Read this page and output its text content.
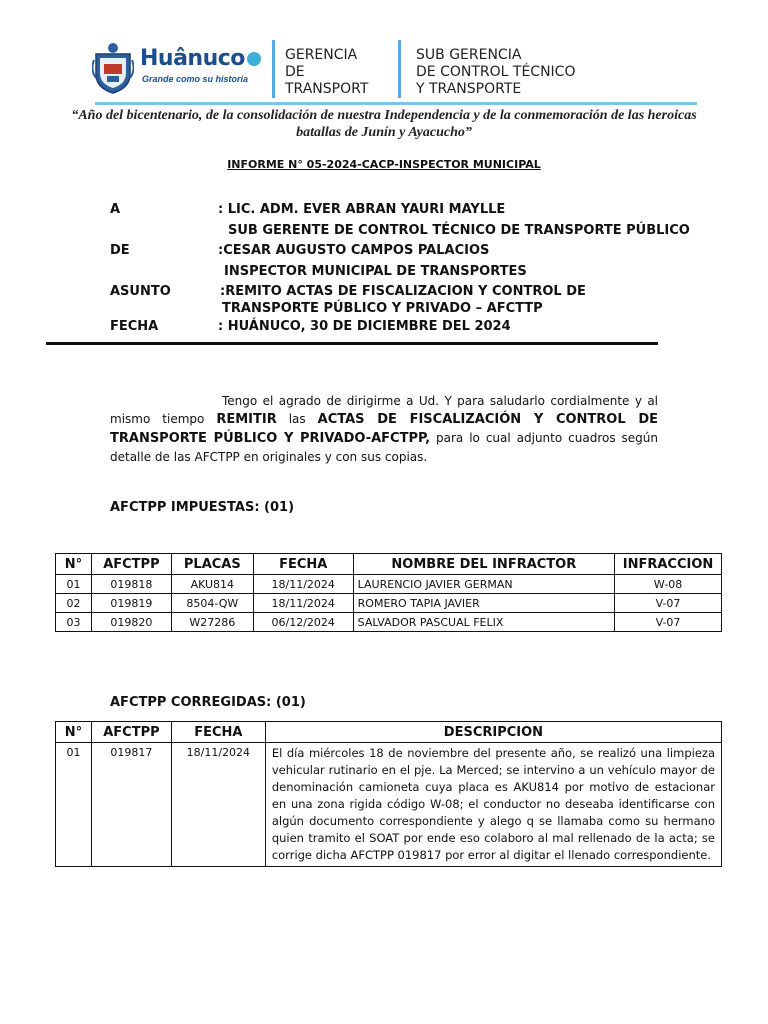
Huânuco
Grande como su historia
GERENCIA
DE
TRANSPORT
SUB GERENCIA
DE CONTROL TÉCNICO
Y TRANSPORTE
“Año del bicentenario, de la consolidación de nuestra Independencia y de la conmemoración de las heroicas batallas de Junín y Ayacucho”
INFORME N° 05-2024-CACP-INSPECTOR MUNICIPAL
A	: LIC. ADM. EVER ABRAN YAURI MAYLLE
SUB GERENTE DE CONTROL TÉCNICO DE TRANSPORTE PÚBLICO
DE	:CESAR AUGUSTO CAMPOS PALACIOS
INSPECTOR MUNICIPAL DE TRANSPORTES
ASUNTO	:REMITO ACTAS DE FISCALIZACION Y CONTROL DE
TRANSPORTE PÚBLICO Y PRIVADO – AFCTTP
FECHA	: HUÁNUCO, 30 DE DICIEMBRE DEL 2024
Tengo el agrado de dirigirme a Ud. Y para saludarlo cordialmente y al mismo tiempo REMITIR las ACTAS DE FISCALIZACIÓN Y CONTROL DE TRANSPORTE PÚBLICO Y PRIVADO-AFCTPP, para lo cual adjunto cuadros según detalle de las AFCTPP en originales y con sus copias.
AFCTPP IMPUESTAS: (01)
N°	AFCTPP	PLACAS	FECHA	NOMBRE DEL INFRACTOR	INFRACCION
01	019818	AKU814	18/11/2024	LAURENCIO JAVIER GERMAN	W-08
02	019819	8504-QW	18/11/2024	ROMERO TAPIA JAVIER	V-07
03	019820	W27286	06/12/2024	SALVADOR PASCUAL FELIX	V-07
AFCTPP CORREGIDAS: (01)
N°	AFCTPP	FECHA	DESCRIPCION
01	019817	18/11/2024	El día miércoles 18 de noviembre del presente año, se realizó una limpieza vehicular rutinario en el pje. La Merced; se intervino a un vehículo mayor de denominación camioneta cuya placa es AKU814 por motivo de estacionar en una zona rigida código W-08; el conductor no deseaba identificarse con algún documento correspondiente y alego q se llamaba como su hermano quien tramito el SOAT por ende eso colaboro al mal rellenado de la acta; se corrige dicha AFCTPP 019817 por error al digitar el llenado correspondiente.
